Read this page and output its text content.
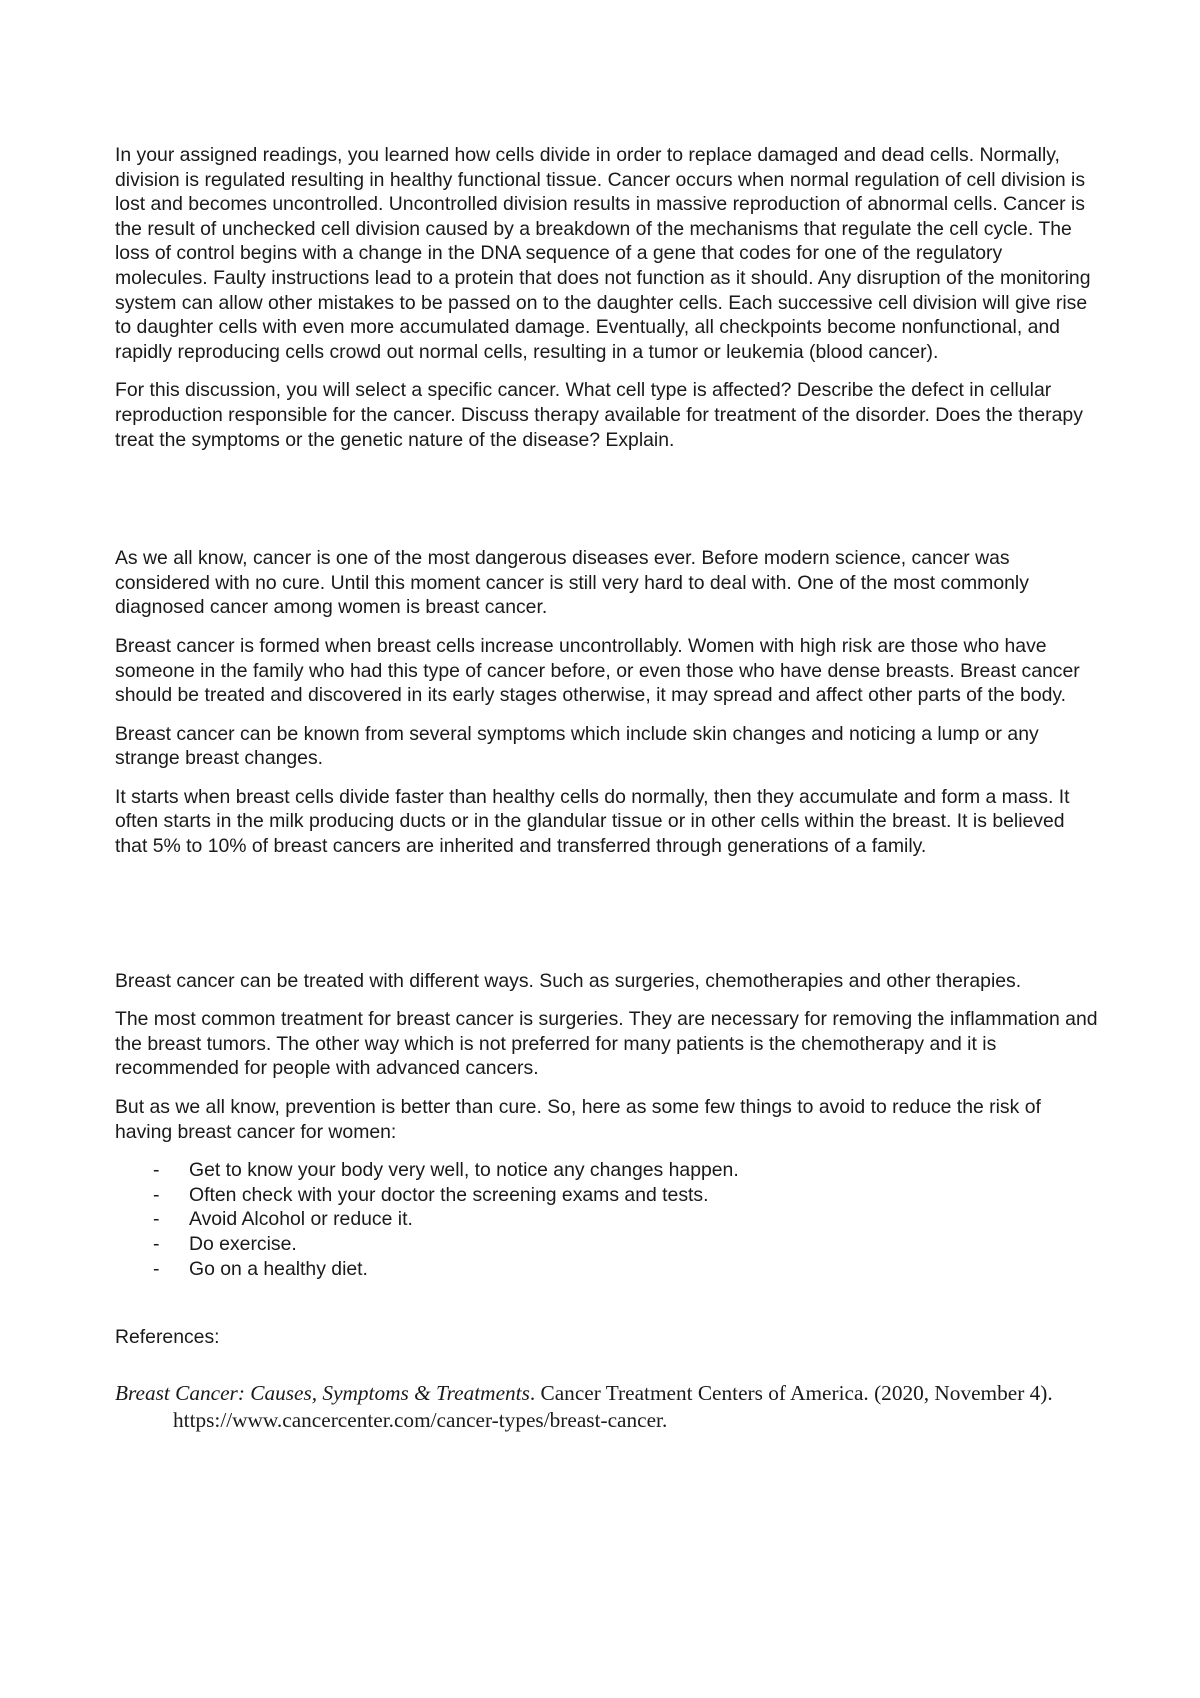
In your assigned readings, you learned how cells divide in order to replace damaged and dead cells. Normally, division is regulated resulting in healthy functional tissue. Cancer occurs when normal regulation of cell division is lost and becomes uncontrolled. Uncontrolled division results in massive reproduction of abnormal cells. Cancer is the result of unchecked cell division caused by a breakdown of the mechanisms that regulate the cell cycle. The loss of control begins with a change in the DNA sequence of a gene that codes for one of the regulatory molecules. Faulty instructions lead to a protein that does not function as it should. Any disruption of the monitoring system can allow other mistakes to be passed on to the daughter cells. Each successive cell division will give rise to daughter cells with even more accumulated damage. Eventually, all checkpoints become nonfunctional, and rapidly reproducing cells crowd out normal cells, resulting in a tumor or leukemia (blood cancer).

For this discussion, you will select a specific cancer. What cell type is affected? Describe the defect in cellular reproduction responsible for the cancer. Discuss therapy available for treatment of the disorder. Does the therapy treat the symptoms or the genetic nature of the disease? Explain.

As we all know, cancer is one of the most dangerous diseases ever. Before modern science, cancer was considered with no cure. Until this moment cancer is still very hard to deal with. One of the most commonly diagnosed cancer among women is breast cancer.

Breast cancer is formed when breast cells increase uncontrollably. Women with high risk are those who have someone in the family who had this type of cancer before, or even those who have dense breasts. Breast cancer should be treated and discovered in its early stages otherwise, it may spread and affect other parts of the body.

Breast cancer can be known from several symptoms which include skin changes and noticing a lump or any strange breast changes.

It starts when breast cells divide faster than healthy cells do normally, then they accumulate and form a mass. It often starts in the milk producing ducts or in the glandular tissue or in other cells within the breast. It is believed that 5% to 10% of breast cancers are inherited and transferred through generations of a family.

Breast cancer can be treated with different ways. Such as surgeries, chemotherapies and other therapies.

The most common treatment for breast cancer is surgeries. They are necessary for removing the inflammation and the breast tumors. The other way which is not preferred for many patients is the chemotherapy and it is recommended for people with advanced cancers.

But as we all know, prevention is better than cure. So, here as some few things to avoid to reduce the risk of having breast cancer for women:

- Get to know your body very well, to notice any changes happen.
- Often check with your doctor the screening exams and tests.
- Avoid Alcohol or reduce it.
- Do exercise.
- Go on a healthy diet.

References:

Breast Cancer: Causes, Symptoms & Treatments. Cancer Treatment Centers of America. (2020, November 4). https://www.cancercenter.com/cancer-types/breast-cancer.
